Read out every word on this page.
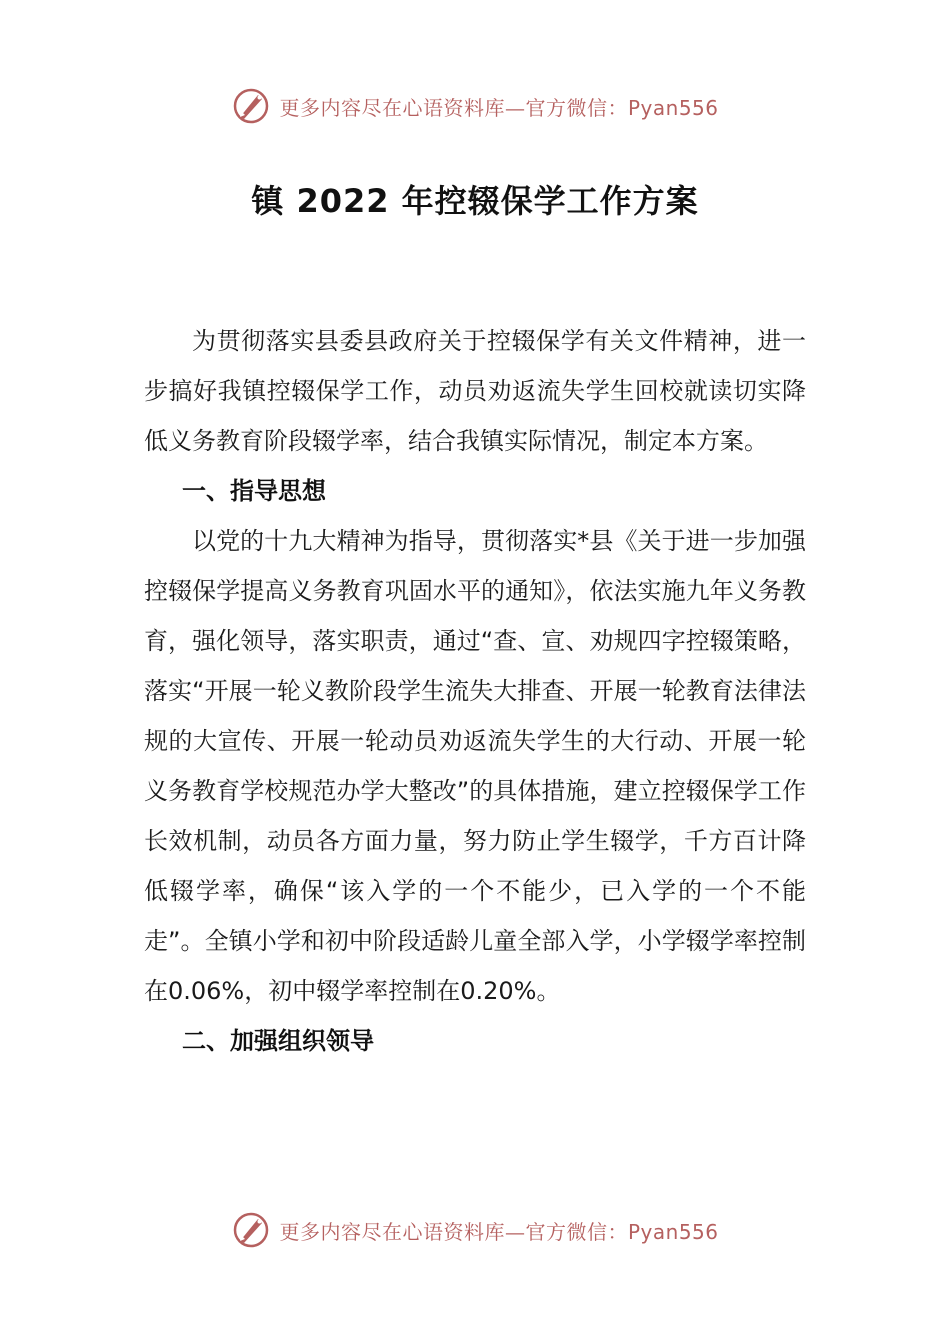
更多内容尽在心语资料库—官方微信：Pyan556
镇 2022 年控辍保学工作方案

为贯彻落实县委县政府关于控辍保学有关文件精神，进一步搞好我镇控辍保学工作，动员劝返流失学生回校就读切实降低义务教育阶段辍学率，结合我镇实际情况，制定本方案。

一、指导思想

以党的十九大精神为指导，贯彻落实*县《关于进一步加强控辍保学提高义务教育巩固水平的通知》，依法实施九年义务教育，强化领导，落实职责，通过“查、宣、劝规四字控辍策略，落实“开展一轮义教阶段学生流失大排查、开展一轮教育法律法规的大宣传、开展一轮动员劝返流失学生的大行动、开展一轮义务教育学校规范办学大整改”的具体措施，建立控辍保学工作长效机制，动员各方面力量，努力防止学生辍学，千方百计降低辍学率，确保“该入学的一个不能少，已入学的一个不能走”。全镇小学和初中阶段适龄儿童全部入学，小学辍学率控制在0.06%，初中辍学率控制在0.20%。

二、加强组织领导
更多内容尽在心语资料库—官方微信：Pyan556
